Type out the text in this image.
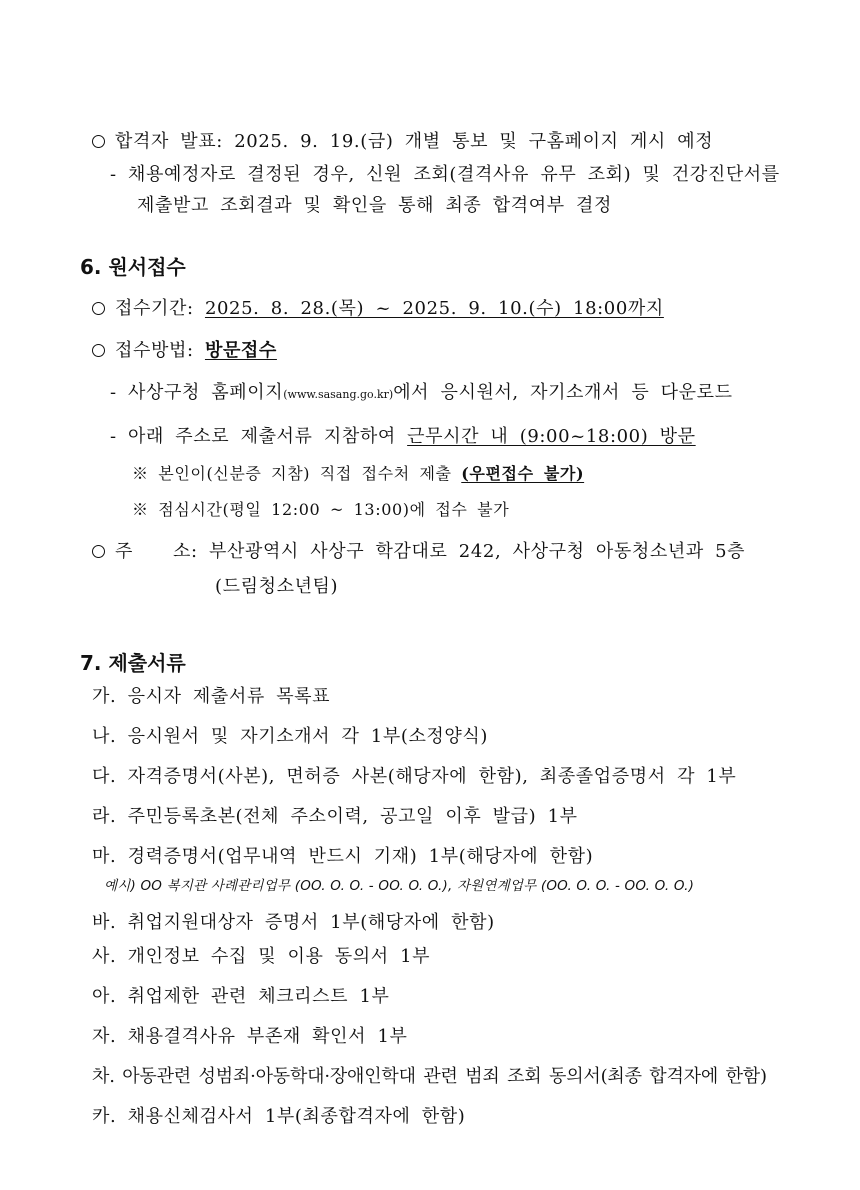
합격자 발표: 2025. 9. 19.(금) 개별 통보 및 구홈페이지 게시 예정
- 채용예정자로 결정된 경우, 신원 조회(결격사유 유무 조회) 및 건강진단서를
제출받고 조회결과 및 확인을 통해 최종 합격여부 결정
6. 원서접수
접수기간: 2025. 8. 28.(목) ~ 2025. 9. 10.(수) 18:00까지
접수방법: 방문접수
- 사상구청 홈페이지(www.sasang.go.kr)에서 응시원서, 자기소개서 등 다운로드
- 아래 주소로 제출서류 지참하여 근무시간 내 (9:00~18:00) 방문
※ 본인이(신분증 지참) 직접 접수처 제출 (우편접수 불가)
※ 점심시간(평일 12:00 ~ 13:00)에 접수 불가
주 소: 부산광역시 사상구 학감대로 242, 사상구청 아동청소년과 5층
(드림청소년팀)
7. 제출서류
가. 응시자 제출서류 목록표
나. 응시원서 및 자기소개서 각 1부(소정양식)
다. 자격증명서(사본), 면허증 사본(해당자에 한함), 최종졸업증명서 각 1부
라. 주민등록초본(전체 주소이력, 공고일 이후 발급) 1부
마. 경력증명서(업무내역 반드시 기재) 1부(해당자에 한함)
예시) OO 복지관 사례관리업무 (OO. O. O. - OO. O. O.), 자원연계업무 (OO. O. O. - OO. O. O.)
바. 취업지원대상자 증명서 1부(해당자에 한함)
사. 개인정보 수집 및 이용 동의서 1부
아. 취업제한 관련 체크리스트 1부
자. 채용결격사유 부존재 확인서 1부
차. 아동관련 성범죄·아동학대·장애인학대 관련 범죄 조회 동의서(최종 합격자에 한함)
카. 채용신체검사서 1부(최종합격자에 한함)
